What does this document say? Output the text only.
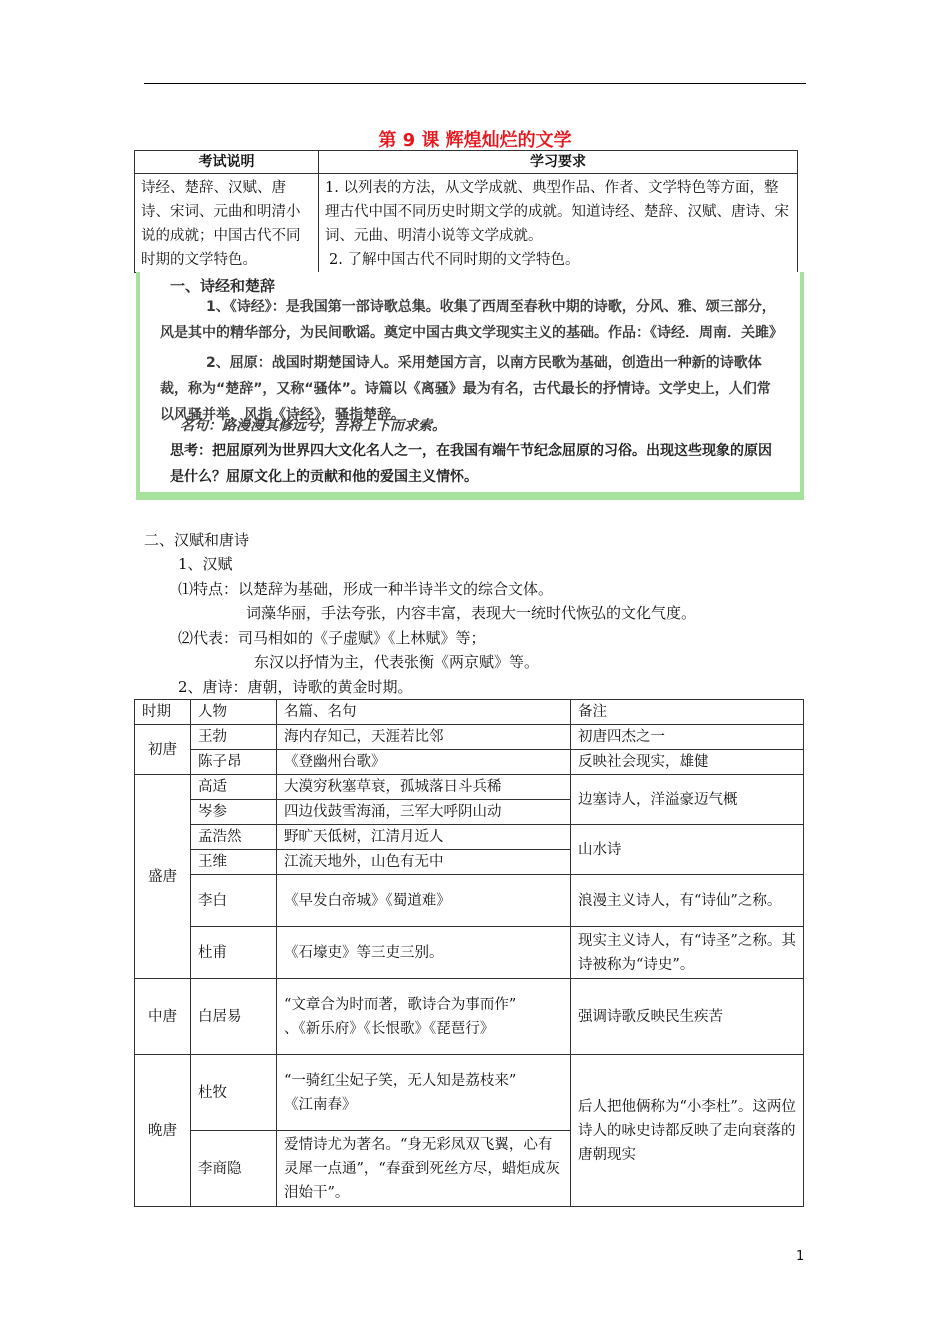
第 9 课 辉煌灿烂的文学
考试说明	学习要求
诗经、楚辞、汉赋、唐诗、宋词、元曲和明清小说的成就；中国古代不同时期的文学特色。	1. 以列表的方法，从文学成就、典型作品、作者、文学特色等方面，整理古代中国不同历史时期文学的成就。知道诗经、楚辞、汉赋、唐诗、宋词、元曲、明清小说等文学成就。
2. 了解中国古代不同时期的文学特色。
一、诗经和楚辞
1、《诗经》：是我国第一部诗歌总集。收集了西周至春秋中期的诗歌，分风、雅、颂三部分，风是其中的精华部分，为民间歌谣。奠定中国古典文学现实主义的基础。作品：《诗经．周南．关雎》
2、屈原：战国时期楚国诗人。采用楚国方言，以南方民歌为基础，创造出一种新的诗歌体裁，称为“楚辞”，又称“骚体”。诗篇以《离骚》最为有名，古代最长的抒情诗。文学史上，人们常以风骚并举，风指《诗经》，骚指楚辞。
名句：路漫漫其修远兮，吾将上下而求索。
思考：把屈原列为世界四大文化名人之一，在我国有端午节纪念屈原的习俗。出现这些现象的原因是什么？屈原文化上的贡献和他的爱国主义情怀。
二、汉赋和唐诗
1、汉赋
⑴特点：以楚辞为基础，形成一种半诗半文的综合文体。
词藻华丽，手法夸张，内容丰富，表现大一统时代恢弘的文化气度。
⑵代表：司马相如的《子虚赋》《上林赋》等；
东汉以抒情为主，代表张衡《两京赋》等。
2、唐诗：唐朝，诗歌的黄金时期。
时期	人物	名篇、名句	备注
初唐	王勃	海内存知己，天涯若比邻	初唐四杰之一
	陈子昂	《登幽州台歌》	反映社会现实，雄健
盛唐	高适	大漠穷秋塞草衰，孤城落日斗兵稀	边塞诗人，洋溢豪迈气概
	岑参	四边伐鼓雪海涌，三军大呼阴山动	
	孟浩然	野旷天低树，江清月近人	山水诗
	王维	江流天地外，山色有无中	
	李白	《早发白帝城》《蜀道难》	浪漫主义诗人，有“诗仙”之称。
	杜甫	《石壕吏》等三吏三别。	现实主义诗人，有“诗圣”之称。其诗被称为“诗史”。
中唐	白居易	“文章合为时而著，歌诗合为事而作”
、《新乐府》《长恨歌》《琵琶行》	强调诗歌反映民生疾苦
晚唐	杜牧	“一骑红尘妃子笑，无人知是荔枝来”
《江南春》	后人把他俩称为“小李杜”。这两位诗人的咏史诗都反映了走向衰落的唐朝现实
	李商隐	爱情诗尤为著名。“身无彩凤双飞翼，心有灵犀一点通”，“春蚕到死丝方尽，蜡炬成灰泪始干”。	
1
